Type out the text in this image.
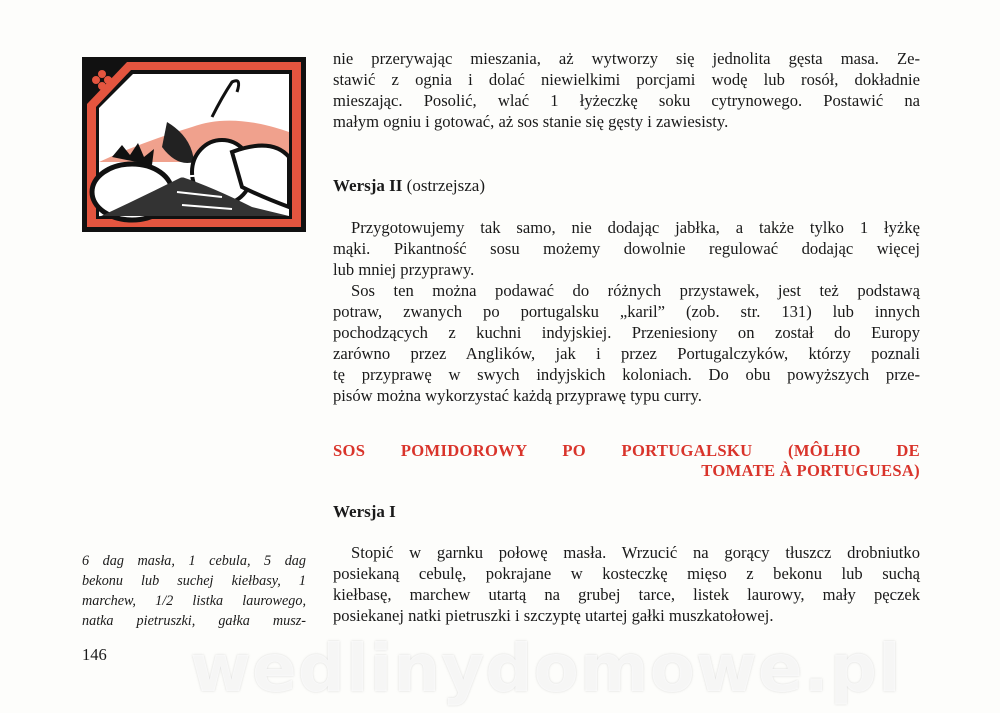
nie przerywając mieszania, aż wytworzy się jednolita gęsta masa. Ze-
stawić z ognia i dolać niewielkimi porcjami wodę lub rosół, dokładnie
mieszając. Posolić, wlać 1 łyżeczkę soku cytrynowego. Postawić na
małym ogniu i gotować, aż sos stanie się gęsty i zawiesisty.
Przygotowujemy tak samo, nie dodając jabłka, a także tylko 1 łyżkę
mąki. Pikantność sosu możemy dowolnie regulować dodając więcej
lub mniej przyprawy.
Sos ten można podawać do różnych przystawek, jest też podstawą
potraw, zwanych po portugalsku „karil” (zob. str. 131) lub innych
pochodzących z kuchni indyjskiej. Przeniesiony on został do Europy
zarówno przez Anglików, jak i przez Portugalczyków, którzy poznali
tę przyprawę w swych indyjskich koloniach. Do obu powyższych prze-
pisów można wykorzystać każdą przyprawę typu curry.
SOS POMIDOROWY PO PORTUGALSKU (MÔLHO DE
TOMATE À PORTUGUESA)
Stopić w garnku połowę masła. Wrzucić na gorący tłuszcz drobniutko
posiekaną cebulę, pokrajane w kosteczkę mięso z bekonu lub suchą
kiełbasę, marchew utartą na grubej tarce, listek laurowy, mały pęczek
posiekanej natki pietruszki i szczyptę utartej gałki muszkatołowej.
6 dag masła, 1 cebula, 5 dag
bekonu lub suchej kiełbasy, 1
marchew, 1/2 listka laurowego,
natka pietruszki, gałka musz-
Wersja II (ostrzejsza)
Wersja I
146 wedlinydomowe.pl
